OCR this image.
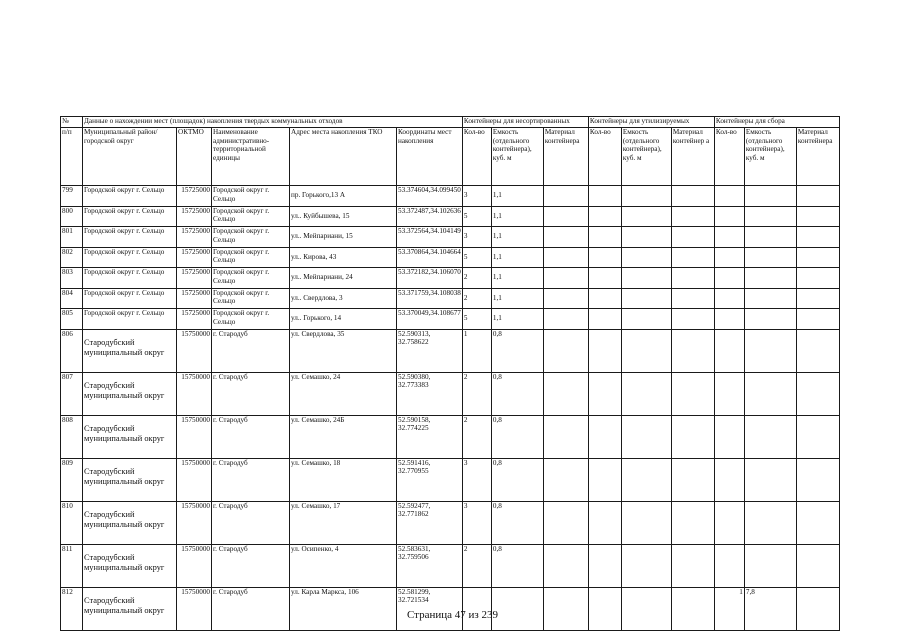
№	Данные о нахождении мест (площадок) накопления твердых коммунальных отходов					Контейнеры для несортированных			Контейнеры для утилизируемых			Контейнеры для сбора		
п/п	Муниципальный район/городской округ	ОКТМО	Наименование административно-территориальной единицы	Адрес места накопления ТКО	Координаты мест накопления	Кол-во	Емкость (отдельного контейнера), куб. м	Материал контейнера	Кол-во	Емкость (отдельного контейнера), куб. м	Материал контейнер а	Кол-во	Емкость (отдельного контейнера), куб. м	Материал контейнера
799	Городской округ г. Сельцо	15725000	Городской округ г. Сельцо	пр. Горького,13 А	53.374604,34.099450	3	1,1							
800	Городской округ г. Сельцо	15725000	Городской округ г. Сельцо	ул.. Куйбышева, 15	53.372487,34.102636	5	1,1							
801	Городской округ г. Сельцо	15725000	Городской округ г. Сельцо	ул.. Мейпариани, 15	53.372564,34.104149	3	1,1							
802	Городской округ г. Сельцо	15725000	Городской округ г. Сельцо	ул.. Кирова, 43	53.370864,34.104664	5	1,1							
803	Городской округ г. Сельцо	15725000	Городской округ г. Сельцо	ул.. Мейпариани, 24	53.372182,34.106070	2	1,1							
804	Городской округ г. Сельцо	15725000	Городской округ г. Сельцо	ул.. Свердлова, 3	53.371759,34.108038	2	1,1							
805	Городской округ г. Сельцо	15725000	Городской округ г. Сельцо	ул.. Горького, 14	53.370049,34.108677	5	1,1							
806	Стародубский муниципальный округ	15750000	г. Стародуб	ул. Свердлова, 35	52.590313, 32.758622	1	0,8							
807	Стародубский муниципальный округ	15750000	г. Стародуб	ул. Семашко, 24	52.590380, 32.773383	2	0,8							
808	Стародубский муниципальный округ	15750000	г. Стародуб	ул. Семашко, 24Б	52.590158, 32.774225	2	0,8							
809	Стародубский муниципальный округ	15750000	г. Стародуб	ул. Семашко, 18	52.591416, 32.770955	3	0,8							
810	Стародубский муниципальный округ	15750000	г. Стародуб	ул. Семашко, 17	52.592477, 32.771862	3	0,8							
811	Стародубский муниципальный округ	15750000	г. Стародуб	ул. Осипенко, 4	52.583631, 32.759506	2	0,8							
812	Стародубский муниципальный округ	15750000	г. Стародуб	ул. Карла Маркса, 106	52.581299, 32.721534							1	7,8	
Страница 47 из 239
